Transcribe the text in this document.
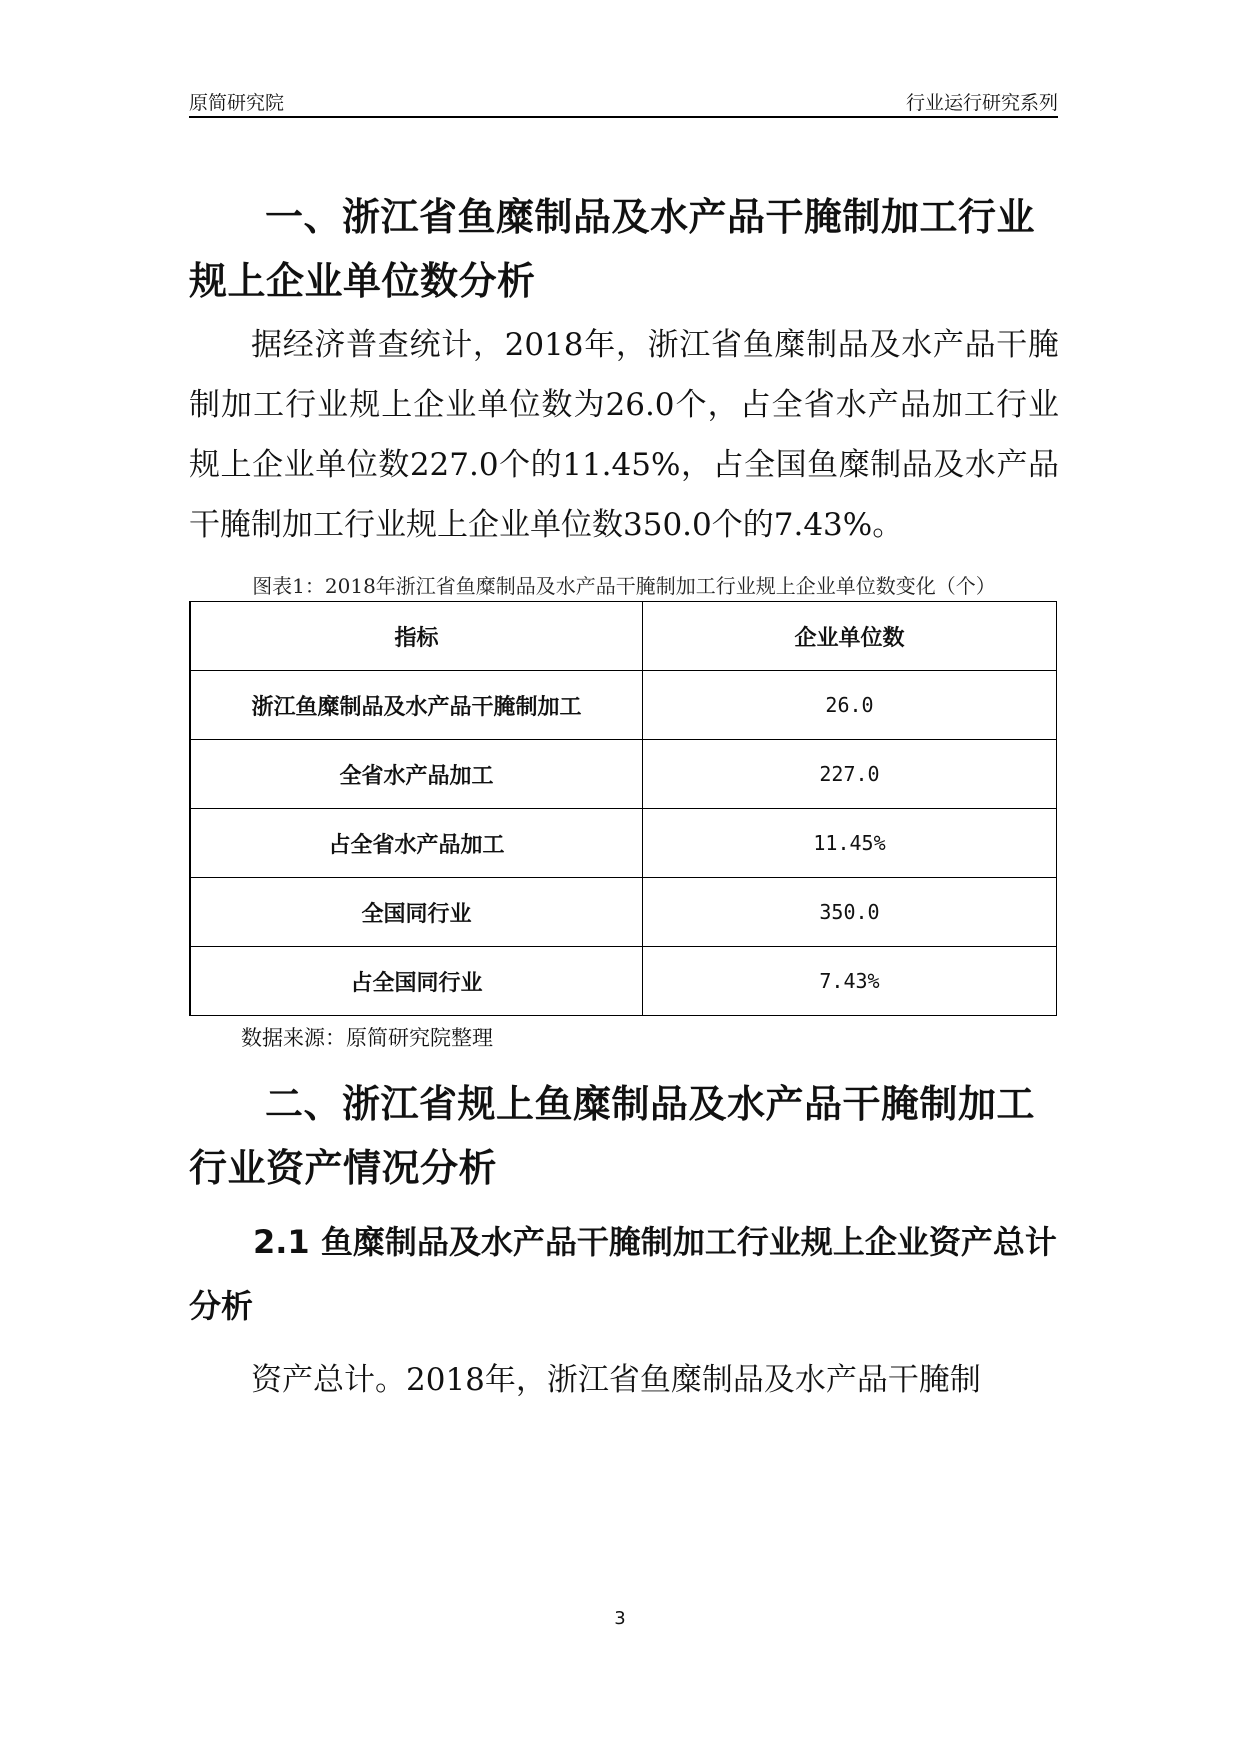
原简研究院	行业运行研究系列
一、浙江省鱼糜制品及水产品干腌制加工行业规上企业单位数分析

据经济普查统计，2018年，浙江省鱼糜制品及水产品干腌制加工行业规上企业单位数为26.0个，占全省水产品加工行业规上企业单位数227.0个的11.45%，占全国鱼糜制品及水产品干腌制加工行业规上企业单位数350.0个的7.43%。

图表1：2018年浙江省鱼糜制品及水产品干腌制加工行业规上企业单位数变化（个）
指标	企业单位数
浙江鱼糜制品及水产品干腌制加工	26.0
全省水产品加工	227.0
占全省水产品加工	11.45%
全国同行业	350.0
占全国同行业	7.43%
数据来源：原简研究院整理
二、浙江省规上鱼糜制品及水产品干腌制加工行业资产情况分析
2.1 鱼糜制品及水产品干腌制加工行业规上企业资产总计分析

资产总计。2018年，浙江省鱼糜制品及水产品干腌制

3
